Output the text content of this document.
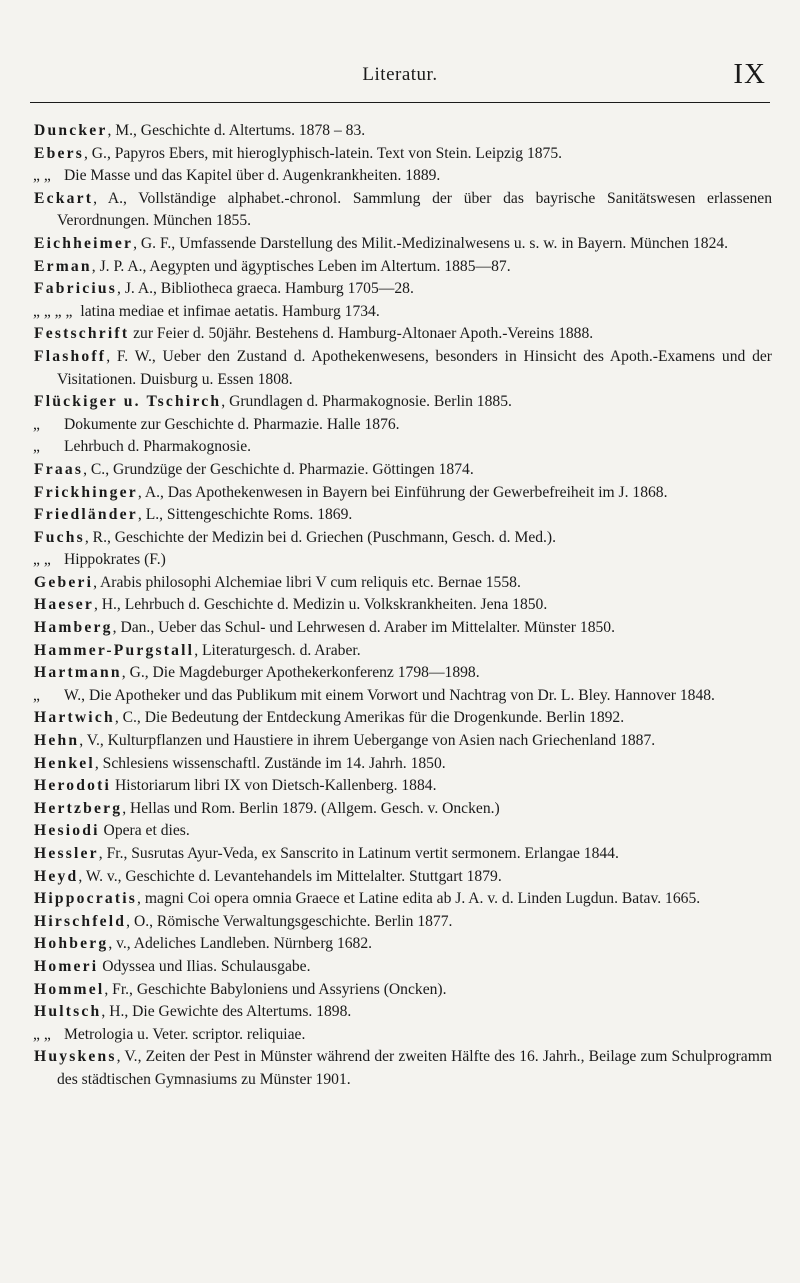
Literatur.	IX
Duncker, M., Geschichte d. Altertums. 1878 – 83.
Ebers, G., Papyros Ebers, mit hieroglyphisch-latein. Text von Stein. Leipzig 1875.
„ „ Die Masse und das Kapitel über d. Augenkrankheiten. 1889.
Eckart, A., Vollständige alphabet.-chronol. Sammlung der über das bayrische Sanitätswesen erlassenen Verordnungen. München 1855.
Eichheimer, G. F., Umfassende Darstellung des Milit.-Medizinalwesens u. s. w. in Bayern. München 1824.
Erman, J. P. A., Aegypten und ägyptisches Leben im Altertum. 1885—87.
Fabricius, J. A., Bibliotheca graeca. Hamburg 1705—28.
„ „ „ „ latina mediae et infimae aetatis. Hamburg 1734.
Festschrift zur Feier d. 50jähr. Bestehens d. Hamburg-Altonaer Apoth.-Vereins 1888.
Flashoff, F. W., Ueber den Zustand d. Apothekenwesens, besonders in Hinsicht des Apoth.-Examens und der Visitationen. Duisburg u. Essen 1808.
Flückiger u. Tschirch, Grundlagen d. Pharmakognosie. Berlin 1885.
„ Dokumente zur Geschichte d. Pharmazie. Halle 1876.
„ Lehrbuch d. Pharmakognosie.
Fraas, C., Grundzüge der Geschichte d. Pharmazie. Göttingen 1874.
Frickhinger, A., Das Apothekenwesen in Bayern bei Einführung der Gewerbefreiheit im J. 1868.
Friedländer, L., Sittengeschichte Roms. 1869.
Fuchs, R., Geschichte der Medizin bei d. Griechen (Puschmann, Gesch. d. Med.).
„ „ Hippokrates (F.)
Geberi, Arabis philosophi Alchemiae libri V cum reliquis etc. Bernae 1558.
Haeser, H., Lehrbuch d. Geschichte d. Medizin u. Volkskrankheiten. Jena 1850.
Hamberg, Dan., Ueber das Schul- und Lehrwesen d. Araber im Mittelalter. Münster 1850.
Hammer-Purgstall, Literaturgesch. d. Araber.
Hartmann, G., Die Magdeburger Apothekerkonferenz 1798—1898.
„ W., Die Apotheker und das Publikum mit einem Vorwort und Nachtrag von Dr. L. Bley. Hannover 1848.
Hartwich, C., Die Bedeutung der Entdeckung Amerikas für die Drogenkunde. Berlin 1892.
Hehn, V., Kulturpflanzen und Haustiere in ihrem Uebergange von Asien nach Griechenland 1887.
Henkel, Schlesiens wissenschaftl. Zustände im 14. Jahrh. 1850.
Herodoti Historiarum libri IX von Dietsch-Kallenberg. 1884.
Hertzberg, Hellas und Rom. Berlin 1879. (Allgem. Gesch. v. Oncken.)
Hesiodi Opera et dies.
Hessler, Fr., Susrutas Ayur-Veda, ex Sanscrito in Latinum vertit sermonem. Erlangae 1844.
Heyd, W. v., Geschichte d. Levantehandels im Mittelalter. Stuttgart 1879.
Hippocratis, magni Coi opera omnia Graece et Latine edita ab J. A. v. d. Linden Lugdun. Batav. 1665.
Hirschfeld, O., Römische Verwaltungsgeschichte. Berlin 1877.
Hohberg, v., Adeliches Landleben. Nürnberg 1682.
Homeri Odyssea und Ilias. Schulausgabe.
Hommel, Fr., Geschichte Babyloniens und Assyriens (Oncken).
Hultsch, H., Die Gewichte des Altertums. 1898.
„ „ Metrologia u. Veter. scriptor. reliquiae.
Huyskens, V., Zeiten der Pest in Münster während der zweiten Hälfte des 16. Jahrh., Beilage zum Schulprogramm des städtischen Gymnasiums zu Münster 1901.
